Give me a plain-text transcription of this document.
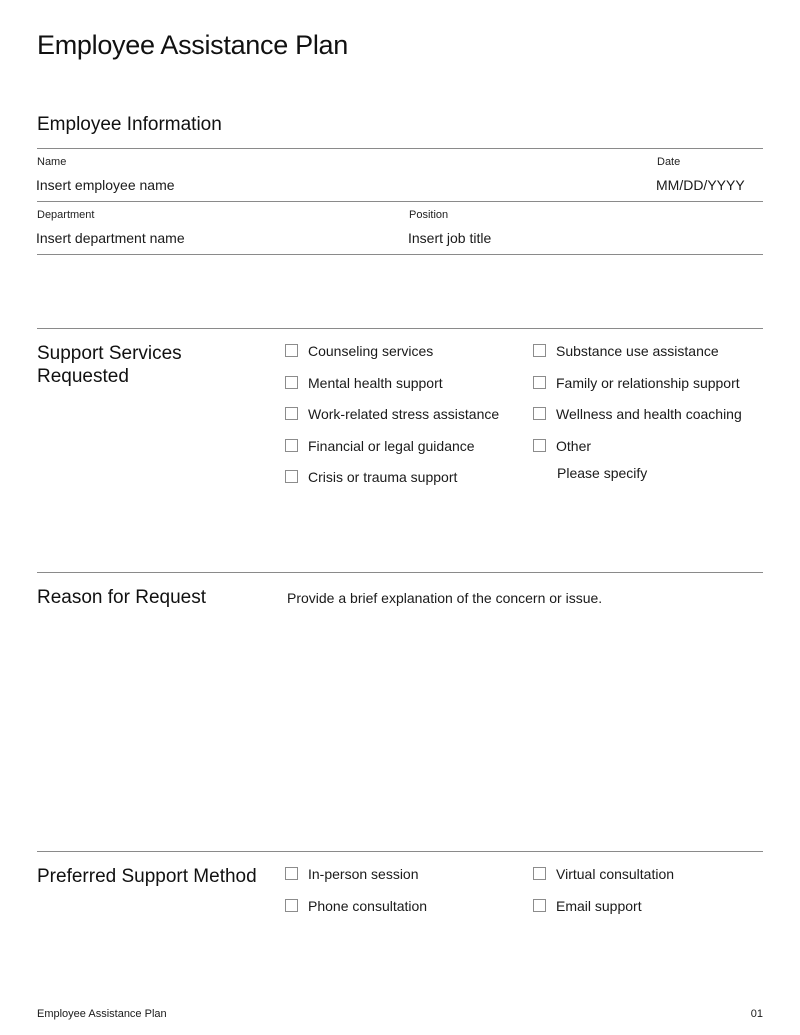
Employee Assistance Plan
Employee Information
Name
Insert employee name
Date
MM/DD/YYYY
Department
Insert department name
Position
Insert job title
Support Services
Requested
Counseling services
Mental health support
Work-related stress assistance
Financial or legal guidance
Crisis or trauma support
Substance use assistance
Family or relationship support
Wellness and health coaching
Other
Please specify
Reason for Request	Provide a brief explanation of the concern or issue.
Preferred Support Method	In-person session
Phone consultation
Virtual consultation
Email support
Employee Assistance Plan	01
